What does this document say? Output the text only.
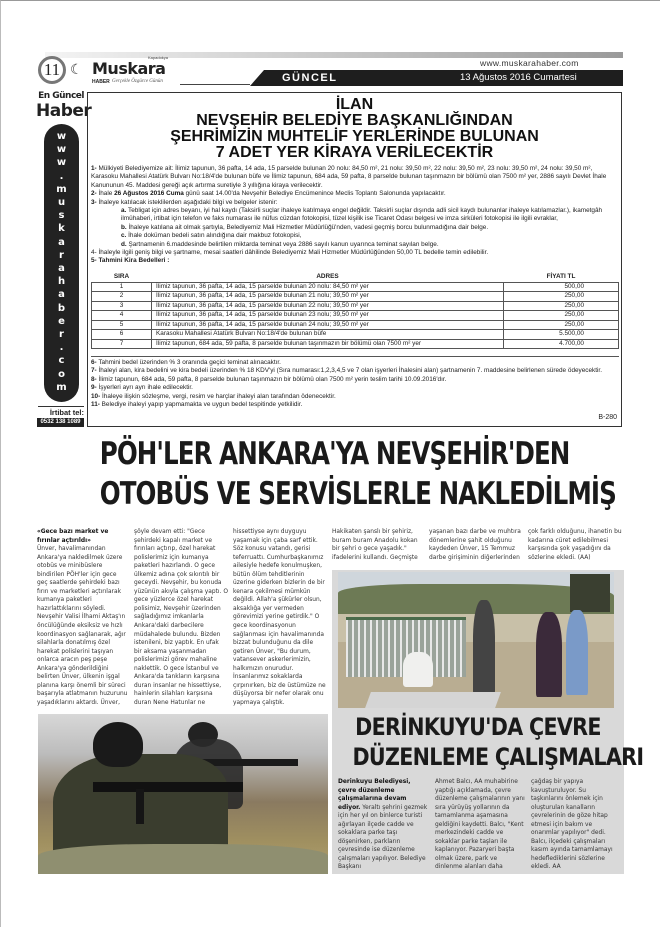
11 ☾
Kapadokya
Muskara
HABER Gerçekle Özgürce Günün
www.muskarahaber.com
GÜNCEL	13 Ağustos 2016 Cumartesi
En Güncel
Haber
w
w
w
.
m
u
s
k
a
r
a
h
a
b
e
r
.
c
o
m
İrtibat tel:
0532 138 1089
İLAN
NEVŞEHİR BELEDİYE BAŞKANLIĞINDAN
ŞEHRİMİZİN MUHTELİF YERLERİNDE BULUNAN
7 ADET YER KİRAYA VERİLECEKTİR

1- Mülkiyeti Belediyemize ait: İlimiz tapunun, 36 pafta, 14 ada, 15 parselde bulunan 20 nolu: 84,50 m², 21 nolu: 39,50 m², 22 nolu: 39,50 m², 23 nolu: 39,50 m², 24 nolu: 39,50 m², Karasoku Mahallesi Atatürk Bulvarı No:18/4'de bulunan büfe ve İlimiz tapunun, 684 ada, 59 pafta, 8 parselde bulunan taşınmazın bir bölümü olan 7500 m² yer, 2886 sayılı Devlet İhale Kanununun 45. Maddesi gereği açık artırma suretiyle 3 yıllığına kiraya verilecektir.

2- İhale 26 Ağustos 2016 Cuma günü saat 14.00'da Nevşehir Belediye Encümenince Meclis Toplantı Salonunda yapılacaktır.

3- İhaleye katılacak isteklilerden aşağıdaki bilgi ve belgeler istenir:

a. Tebligat için adres beyanı, iyi hal kaydı (Taksirli suçlar ihaleye katılmaya engel değildir. Taksirli suçlar dışında adli sicil kaydı bulunanlar ihaleye katılamazlar.), ikametgâh ilmühaberi, irtibat için telefon ve faks numarası ile nüfus cüzdan fotokopisi, tüzel kişilik ise Ticaret Odası belgesi ve imza sirküleri fotokopisi ile ilgili evraklar,

b. İhaleye katılana ait olmak şartıyla, Belediyemiz Mali Hizmetler Müdürlüğü'nden, vadesi geçmiş borcu bulunmadığına dair belge.

c. İhale doküman bedeli satın alındığına dair makbuz fotokopisi,

d. Şartnamenin 6.maddesinde belirtilen miktarda teminat veya 2886 sayılı kanun uyarınca teminat sayılan belge.

4- İhaleyle ilgili geniş bilgi ve şartname, mesai saatleri dâhilinde Belediyemiz Mali Hizmetler Müdürlüğünden 50,00 TL bedelle temin edilebilir.

5- Tahmini Kira Bedelleri :

SIRA	ADRES	FİYATI TL
1	İlimiz tapunun, 36 pafta, 14 ada, 15 parselde bulunan 20 nolu: 84,50 m² yer	500,00
2	İlimiz tapunun, 36 pafta, 14 ada, 15 parselde bulunan 21 nolu; 39,50 m² yer	250,00
3	İlimiz tapunun, 36 pafta, 14 ada, 15 parselde bulunan 22 nolu; 39,50 m² yer	250,00
4	İlimiz tapunun, 36 pafta, 14 ada, 15 parselde bulunan 23 nolu; 39,50 m² yer	250,00
5	İlimiz tapunun, 36 pafta, 14 ada, 15 parselde bulunan 24 nolu; 39,50 m² yer	250,00
6	Karasoku Mahallesi Atatürk Bulvarı No:18/4'de bulunan büfe	5.500,00
7	İlimiz tapunun, 684 ada, 59 pafta, 8 parselde bulunan taşınmazın bir bölümü olan 7500 m² yer	4.700,00

6- Tahmini bedel üzerinden % 3 oranında geçici teminat alınacaktır.

7- İhaleyi alan, kira bedelini ve kira bedeli üzerinden % 18 KDV'yi (Sıra numarası:1,2,3,4,5 ve 7 olan işyerleri İhalesini alan) şartnamenin 7. maddesine belirlenen sürede ödeyecektir.

8- İlimiz tapunun, 684 ada, 59 pafta, 8 parselde bulunan taşınmazın bir bölümü olan 7500 m² yerin teslim tarihi 10.09.2016'dır.

9- İşyerleri ayrı ayrı ihale edilecektir.

10- İhaleye ilişkin sözleşme, vergi, resim ve harçlar ihaleyi alan tarafından ödenecektir.

11- Belediye ihaleyi yapıp yapmamakta ve uygun bedel tespitinde yetkilidir.

B-280
PÖH'LER ANKARA'YA NEVŞEHİR'DEN
OTOBÜS VE SERVİSLERLE NAKLEDİLMİŞ
«Gece bazı market ve fırınlar açtırıldı»
Ünver, havalimanından Ankara'ya nakledilmek üzere otobüs ve minibüslere bindirilen PÖH'ler için gece geç saatlerde şehirdeki bazı fırın ve marketleri açtırılarak kumanya paketleri hazırlattıklarını söyledi. Nevşehir Valisi İlhami Aktaş'ın öncülüğünde eksiksiz ve hızlı koordinasyon sağlanarak, ağır silahlarla donatılmış özel harekat polislerini taşıyan onlarca aracın peş peşe Ankara'ya gönderildiğini belirten Ünver, ülkenin işgal planına karşı önemli bir süreci başarıyla atlatmanın huzurunu yaşadıklarını aktardı. Ünver,
şöyle devam etti: "Gece şehirdeki kapalı market ve fırınları açtırıp, özel harekat polislerimiz için kumanya paketleri hazırlandı. O gece ülkemiz adına çok sıkıntılı bir geceydi. Nevşehir, bu konuda yüzünün akıyla çalışma yaptı. O gece yüzlerce özel harekat polisimiz, Nevşehir üzerinden sağladığımız imkanlarla Ankara'daki darbecilere müdahalede bulundu. Bizden istenileni, biz yaptık. En ufak bir aksama yaşanmadan polislerimizi görev mahaline naklettik. O gece İstanbul ve Ankara'da tankların karşısına duran insanlar ne hissettiyse, hainlerin silahları karşısına duran Nene Hatunlar ne
hissettiyse aynı duyguyu yaşamak için çaba sarf ettik. Söz konusu vatandı, gerisi teferruattı. Cumhurbaşkanımız ailesiyle hedefe konulmuşken, bütün ölüm tehditlerinin üzerine giderken bizlerin de bir kenara çekilmesi mümkün değildi. Allah'a şükürler olsun, aksaklığa yer vermeden görevimizi yerine getirdik." O gece koordinasyonun sağlanması için havalimanında bizzat bulunduğunu da dile getiren Ünver, "Bu durum, vatansever askerlerimizin, halkımızın onurudur. İnsanlarımız sokaklarda çırpınırken, biz de üstümüze ne düşüyorsa bir nefer olarak onu yapmaya çalıştık.
Hakikaten şanslı bir şehiriz, buram buram Anadolu kokan bir şehri o gece yaşadık." ifadelerini kullandı. Geçmişte
yaşanan bazı darbe ve muhtıra dönemlerine şahit olduğunu kaydeden Ünver, 15 Temmuz darbe girişiminin diğerlerinden
çok farklı olduğunu, ihanetin bu kadarına cüret edilebilmesi karşısında şok yaşadığını da sözlerine ekledi. (AA)
DERİNKUYU'DA ÇEVRE
DÜZENLEME ÇALIŞMALARI
Derinkuyu Belediyesi, çevre düzenleme çalışmalarına devam ediyor. Yeraltı şehrini gezmek için her yıl on binlerce turisti ağırlayan ilçede cadde ve sokaklara parke taşı döşenirken, parkların çevresinde ise düzenleme çalışmaları yapılıyor. Belediye Başkanı
Ahmet Balcı, AA muhabirine yaptığı açıklamada, çevre düzenleme çalışmalarının yanı sıra yürüyüş yollarının da tamamlanma aşamasına geldiğini kaydetti. Balcı, "Kent merkezindeki cadde ve sokaklar parke taşları ile kaplanıyor. Pazaryeri başta olmak üzere, park ve dinlenme alanları daha
çağdaş bir yapıya kavuşturuluyor. Su taşkınlarını önlemek için oluşturulan kanalların çevrelerinin de göze hitap etmesi için bakım ve onarımlar yapılıyor" dedi. Balcı, ilçedeki çalışmaları kasım ayında tamamlamayı hedeflediklerini sözlerine ekledi. AA
